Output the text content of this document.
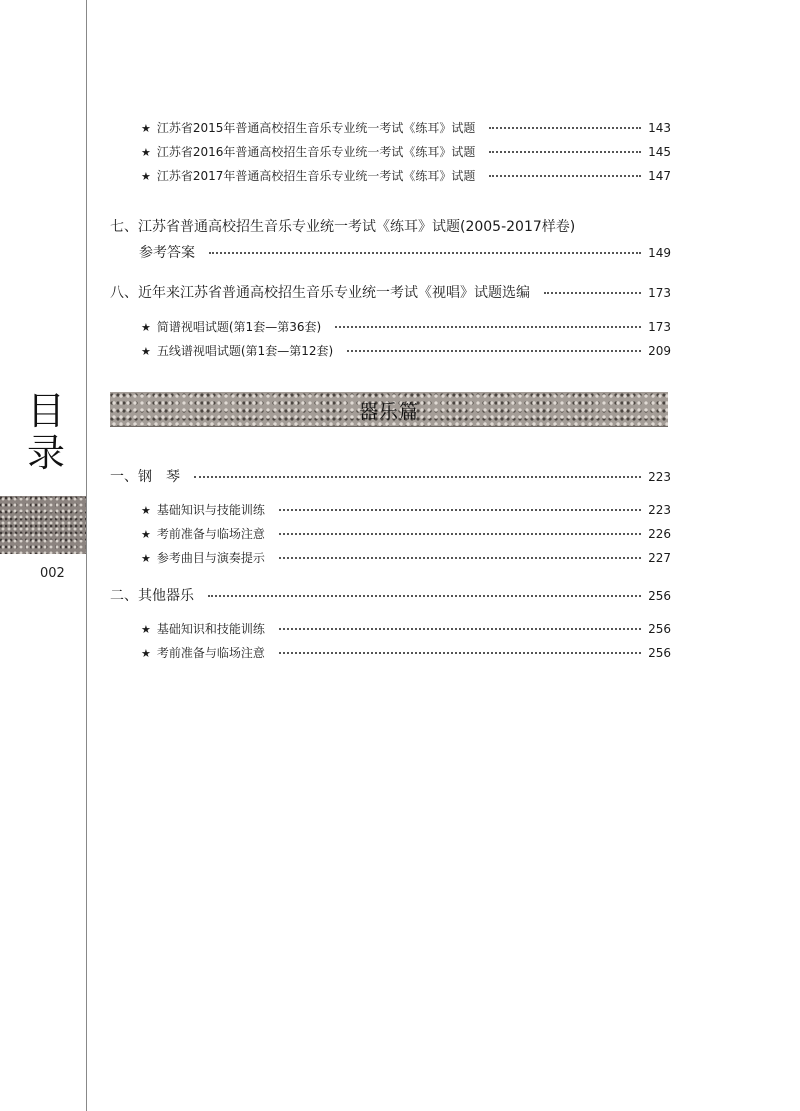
目
录
002
★ 江苏省2015年普通高校招生音乐专业统一考试《练耳》试题	143
★ 江苏省2016年普通高校招生音乐专业统一考试《练耳》试题	145
★ 江苏省2017年普通高校招生音乐专业统一考试《练耳》试题	147
七、江苏省普通高校招生音乐专业统一考试《练耳》试题(2005-2017样卷)
参考答案	149
八、近年来江苏省普通高校招生音乐专业统一考试《视唱》试题选编	173
★ 简谱视唱试题(第1套—第36套)	173
★ 五线谱视唱试题(第1套—第12套)	209
器乐篇
一、钢　琴	223
★ 基础知识与技能训练	223
★ 考前准备与临场注意	226
★ 参考曲目与演奏提示	227
二、其他器乐	256
★ 基础知识和技能训练	256
★ 考前准备与临场注意	256
